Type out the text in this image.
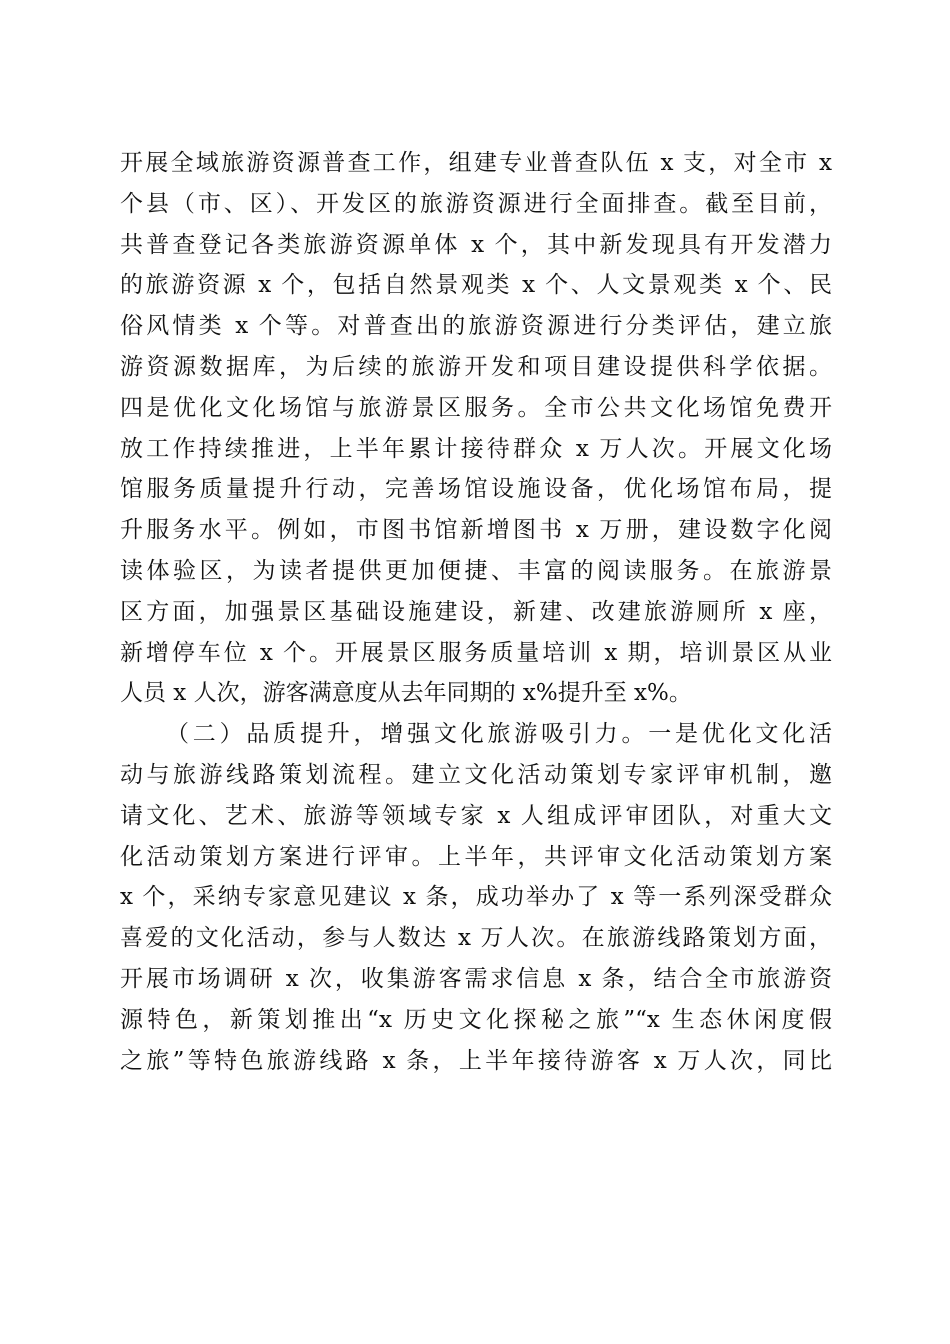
开展全域旅游资源普查工作，组建专业普查队伍 x 支，对全市 x
个县（市、区）、开发区的旅游资源进行全面排查。截至目前，
共普查登记各类旅游资源单体 x 个，其中新发现具有开发潜力
的旅游资源 x 个，包括自然景观类 x 个、人文景观类 x 个、民
俗风情类 x 个等。对普查出的旅游资源进行分类评估，建立旅
游资源数据库，为后续的旅游开发和项目建设提供科学依据。
四是优化文化场馆与旅游景区服务。全市公共文化场馆免费开
放工作持续推进，上半年累计接待群众 x 万人次。开展文化场
馆服务质量提升行动，完善场馆设施设备，优化场馆布局，提
升服务水平。例如，市图书馆新增图书 x 万册，建设数字化阅
读体验区，为读者提供更加便捷、丰富的阅读服务。在旅游景
区方面，加强景区基础设施建设，新建、改建旅游厕所 x 座，
新增停车位 x 个。开展景区服务质量培训 x 期，培训景区从业
人员 x 人次，游客满意度从去年同期的 x%提升至 x%。
（二）品质提升，增强文化旅游吸引力。一是优化文化活
动与旅游线路策划流程。建立文化活动策划专家评审机制，邀
请文化、艺术、旅游等领域专家 x 人组成评审团队，对重大文
化活动策划方案进行评审。上半年，共评审文化活动策划方案
x 个，采纳专家意见建议 x 条，成功举办了 x 等一系列深受群众
喜爱的文化活动，参与人数达 x 万人次。在旅游线路策划方面，
开展市场调研 x 次，收集游客需求信息 x 条，结合全市旅游资
源特色，新策划推出“x 历史文化探秘之旅”“x 生态休闲度假
之旅”等特色旅游线路 x 条，上半年接待游客 x 万人次，同比
